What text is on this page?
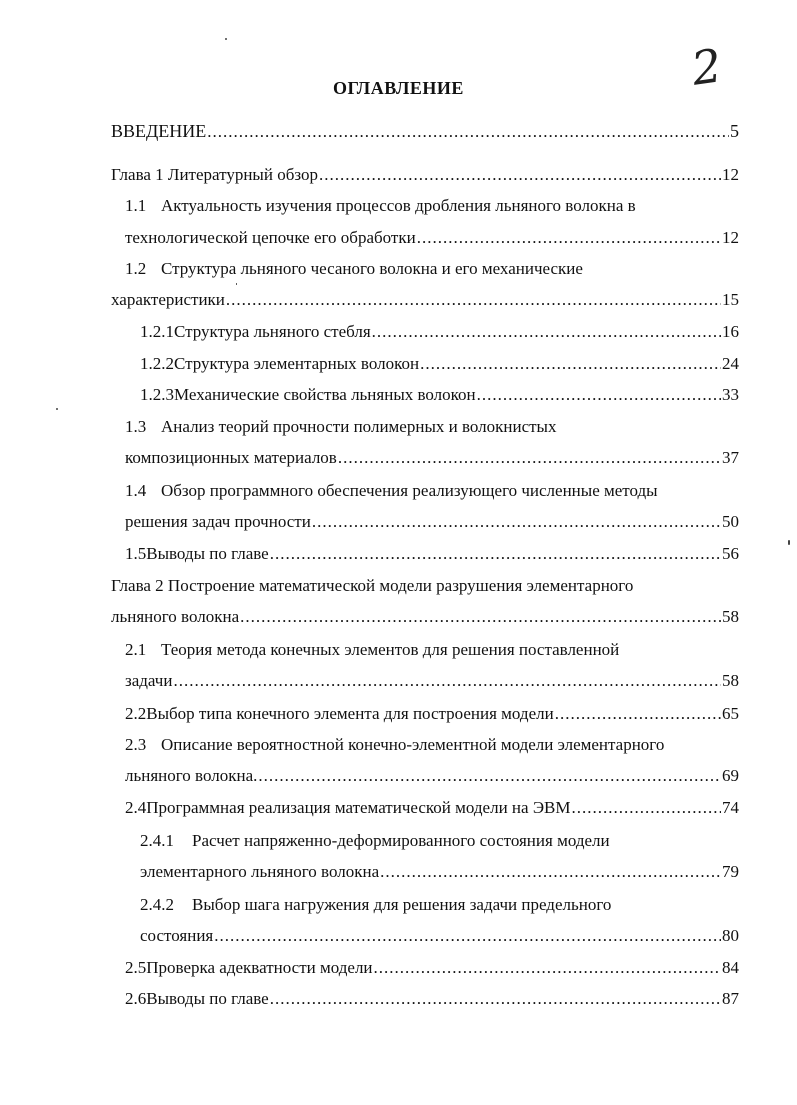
2
ОГЛАВЛЕНИЕ
ВВЕДЕНИЕ .....	5
Глава 1 Литературный обзор .....	12
1.1 Актуальность изучения процессов дробления льняного волокна в
технологической цепочке его обработки .....	12
1.2 Структура льняного чесаного волокна и его механические
характеристики .....	15
1.2.1 Структура льняного стебля .....	16
1.2.2 Структура элементарных волокон .....	24
1.2.3 Механические свойства льняных волокон .....	33
1.3 Анализ теорий прочности полимерных и волокнистых
композиционных материалов .....	37
1.4 Обзор программного обеспечения реализующего численные методы
решения задач прочности .....	50
1.5 Выводы по главе .....	56
Глава 2 Построение математической модели разрушения элементарного
льняного волокна .....	58
2.1 Теория метода конечных элементов для решения поставленной
задачи .....	58
2.2 Выбор типа конечного элемента для построения модели .....	65
2.3 Описание вероятностной конечно-элементной модели элементарного
льняного волокна. .....	69
2.4 Программная реализация математической модели на ЭВМ .....	74
2.4.1 Расчет напряженно-деформированного состояния модели
элементарного льняного волокна .....	79
2.4.2 Выбор шага нагружения для решения задачи предельного
состояния .....	80
2.5 Проверка адекватности модели .....	84
2.6 Выводы по главе .....	87
